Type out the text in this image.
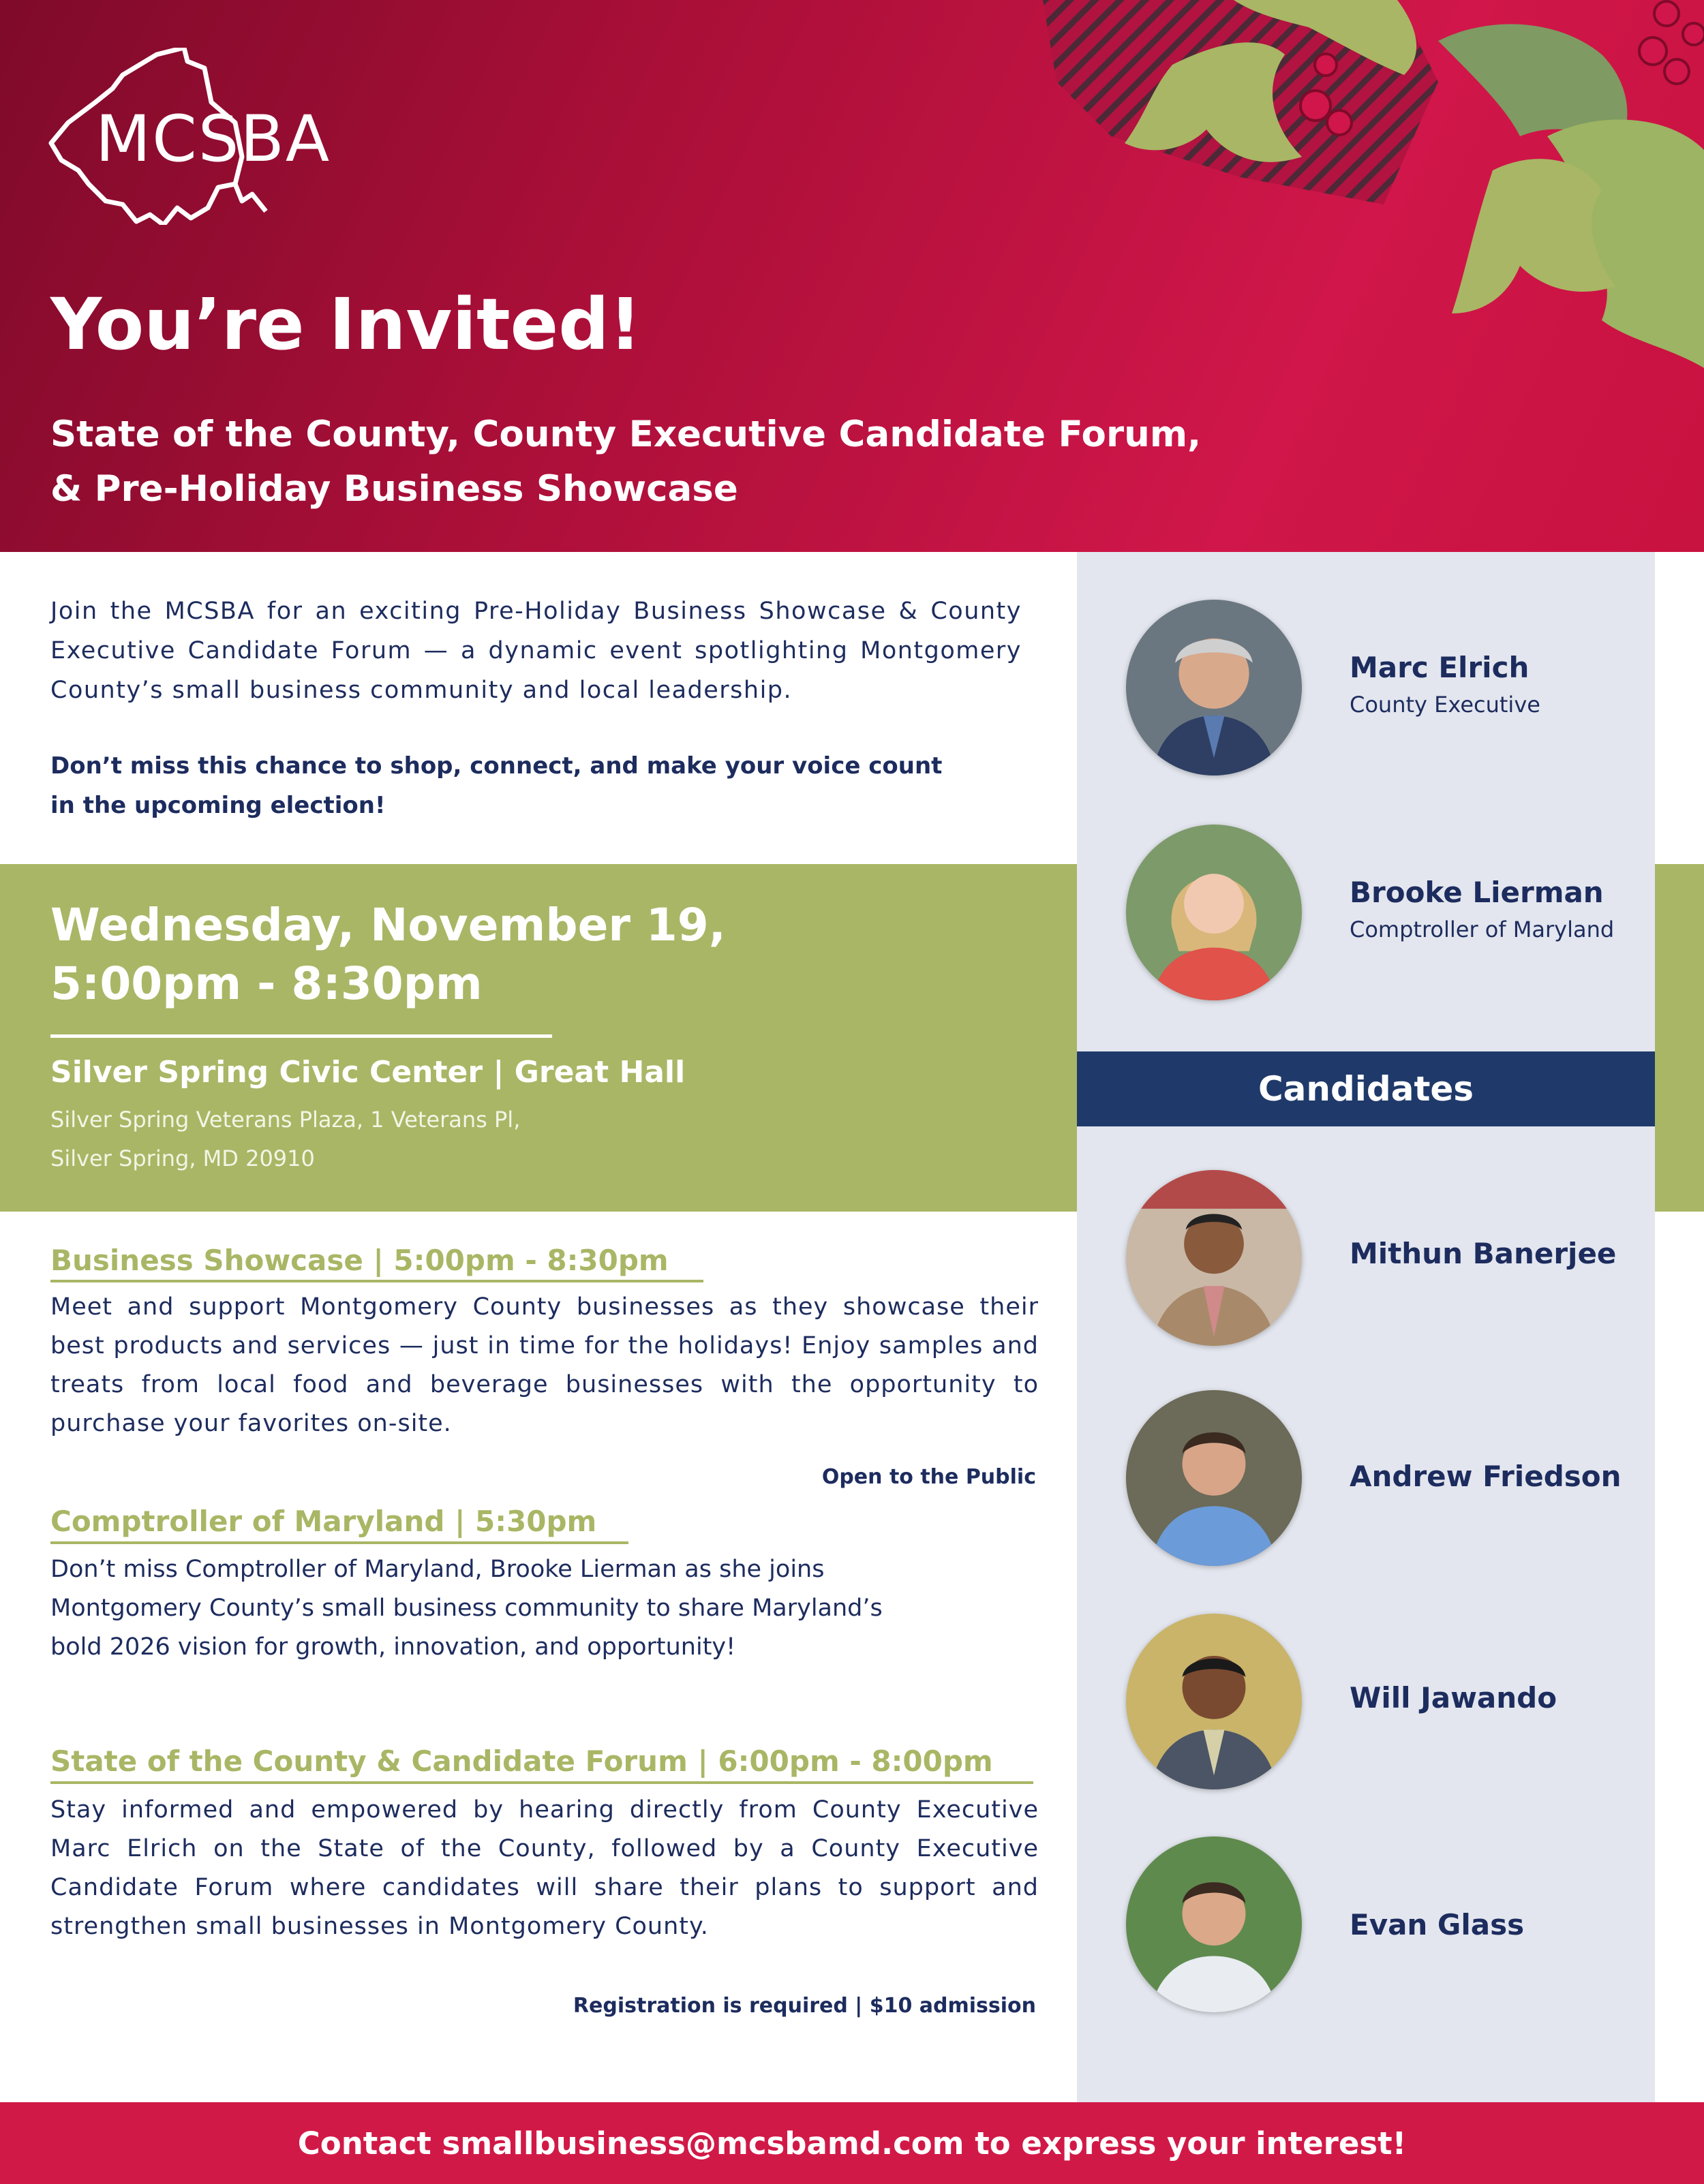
MCSBA
You’re Invited!
State of the County, County Executive Candidate Forum,
& Pre-Holiday Business Showcase

Join the MCSBA for an exciting Pre-Holiday Business Showcase & County Executive Candidate Forum — a dynamic event spotlighting Montgomery County’s small business community and local leadership.

Don’t miss this chance to shop, connect, and make your voice count
in the upcoming election!
Wednesday, November 19,
5:00pm - 8:30pm
Silver Spring Civic Center | Great Hall
Silver Spring Veterans Plaza, 1 Veterans Pl,
Silver Spring, MD 20910
Business Showcase | 5:00pm - 8:30pm

Meet and support Montgomery County businesses as they showcase their best products and services — just in time for the holidays! Enjoy samples and treats from local food and beverage businesses with the opportunity to purchase your favorites on-site.

Open to the Public
Comptroller of Maryland | 5:30pm
Don’t miss Comptroller of Maryland, Brooke Lierman as she joins
Montgomery County’s small business community to share Maryland’s
bold 2026 vision for growth, innovation, and opportunity!
State of the County & Candidate Forum | 6:00pm - 8:00pm

Stay informed and empowered by hearing directly from County Executive Marc Elrich on the State of the County, followed by a County Executive Candidate Forum where candidates will share their plans to support and strengthen small businesses in Montgomery County.

Registration is required | $10 admission
Marc Elrich
County Executive
Brooke Lierman
Comptroller of Maryland
Candidates
Mithun Banerjee
Andrew Friedson
Will Jawando
Evan Glass
Contact smallbusiness@mcsbamd.com to express your interest!
